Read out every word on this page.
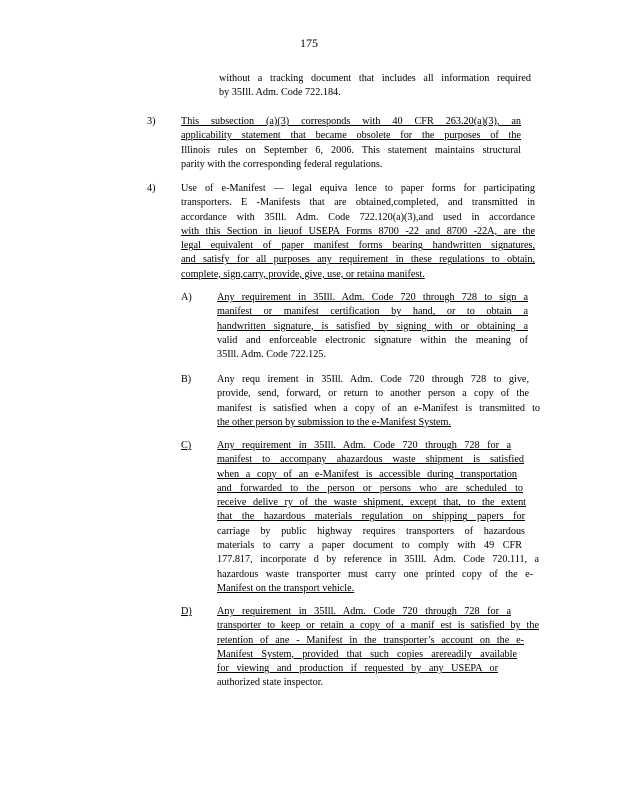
175
without a tracking document that includes all information required
by 35Ill. Adm. Code 722.184.
3)	This subsection (a)(3) corresponds with 40 CFR 263.20(a)(3), an
applicability statement that became obsolete for the purposes of the
Illinois rules on September 6, 2006. This statement maintains structural
parity with the corresponding federal regulations.
4)	Use of e-Manifest — legal equiva lence to paper forms for participating
transporters. E -Manifests that are obtained,completed, and transmitted in
accordance with 35Ill. Adm. Code 722.120(a)(3),and used in accordance
with this Section in lieuof USEPA Forms 8700 -22 and 8700 -22A, are the
legal equivalent of paper manifest forms bearing handwritten signatures,
and satisfy for all purposes any requirement in these regulations to obtain,
complete, sign,carry, provide, give, use, or retaina manifest.
A) Any requirement in 35Ill. Adm. Code 720 through 728 to sign a
manifest or manifest certification by hand, or to obtain a
handwritten signature, is satisfied by signing with or obtaining a
valid and enforceable electronic signature within the meaning of
35Ill. Adm. Code 722.125.
B)	Any requ irement in 35Ill. Adm. Code 720 through 728 to give,
provide, send, forward, or return to another person a copy of the
manifest is satisfied when a copy of an e-Manifest is transmitted to
the other person by submission to the e-Manifest System.
C)	Any requirement in 35Ill. Adm. Code 720 through 728 for a
manifest to accompany ahazardous waste shipment is satisfied
when a copy of an e-Manifest is accessible during transportation
and forwarded to the person or persons who are scheduled to
receive delive ry of the waste shipment, except that, to the extent
that the hazardous materials regulation on shipping papers for
carriage by public highway requires transporters of hazardous
materials to carry a paper document to comply with 49 CFR
177.817, incorporate d by reference in 35Ill. Adm. Code 720.111, a
hazardous waste transporter must carry one printed copy of the e-
Manifest on the transport vehicle.
D) Any requirement in 35Ill. Adm. Code 720 through 728 for a
transporter to keep or retain a copy of a manif est is satisfied by the
retention of ane - Manifest in the transporter’s account on the e-
Manifest System, provided that such copies arereadily available
for viewing and production if requested by any USEPA or
authorized state inspector.
